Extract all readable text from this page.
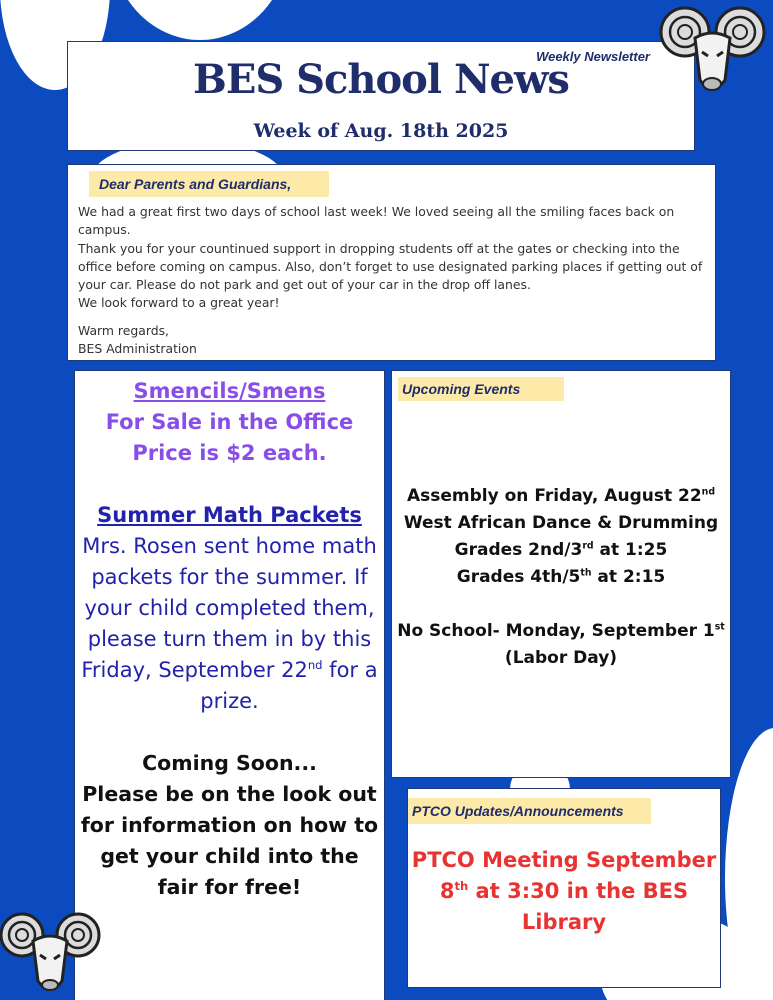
Weekly Newsletter
BES School News
Week of Aug. 18th 2025
Dear Parents and Guardians,
We had a great first two days of school last week! We loved seeing all the smiling faces back on campus.
Thank you for your countinued support in dropping students off at the gates or checking into the office before coming on campus. Also, don’t forget to use designated parking places if getting out of your car. Please do not park and get out of your car in the drop off lanes.
We look forward to a great year!
Warm regards,
BES Administration
Smencils/Smens
For Sale in the Office
Price is $2 each.
Summer Math Packets
Mrs. Rosen sent home math packets for the summer. If your child completed them, please turn them in by this Friday, September 22nd for a prize.
Coming Soon...
Please be on the look out for information on how to get your child into the fair for free!
Upcoming Events
Assembly on Friday, August 22nd
West African Dance & Drumming
Grades 2nd/3rd at 1:25
Grades 4th/5th at 2:15
No School- Monday, September 1st
(Labor Day)
PTCO Updates/Announcements
PTCO Meeting September 8th at 3:30 in the BES Library
